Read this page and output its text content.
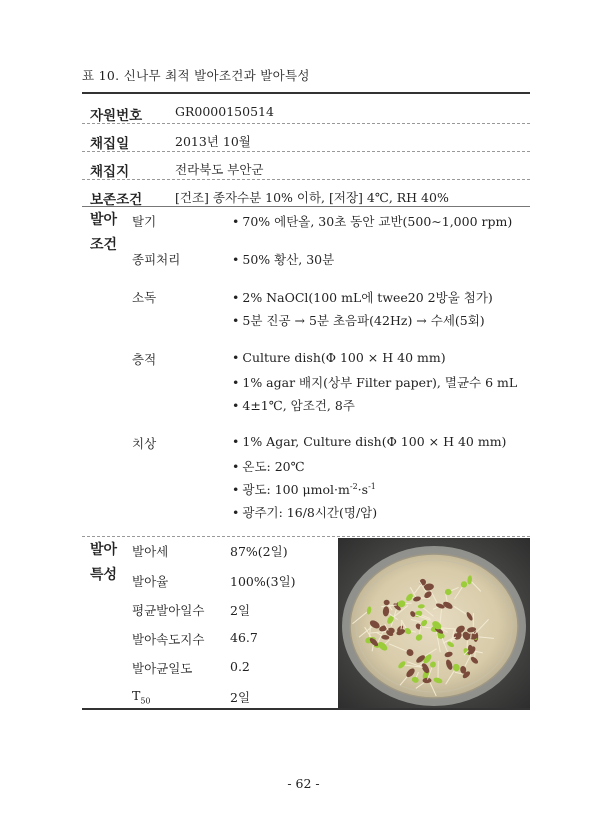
표 10. 신나무 최적 발아조건과 발아특성
자원번호	GR0000150514
채집일	2013년 10월
채집지	전라북도 부안군
보존조건	[건조] 종자수분 10% 이하, [저장] 4℃, RH 40%
발아
조건
탈기	• 70% 에탄올, 30초 동안 교반(500∼1,000 rpm)
종피처리	• 50% 황산, 30분
소독	• 2% NaOCl(100 mL에 twee20 2방울 첨가)
• 5분 진공 → 5분 초음파(42Hz) → 수세(5회)
층적	• Culture dish(Φ 100 × H 40 mm)
• 1% agar 배지(상부 Filter paper), 멸균수 6 mL
• 4±1℃, 암조건, 8주
치상	• 1% Agar, Culture dish(Φ 100 × H 40 mm)
• 온도: 20℃
• 광도: 100 $\mu mol\cdot m^{-2}\cdot s^{-1}$
• 광주기: 16/8시간(명/암)
발아
특성
발아세	87%(2일)
발아율	100%(3일)
평균발아일수 2일
발아속도지수 46.7
발아균일도	0.2
$T_{50}$	2일
- 62 -
